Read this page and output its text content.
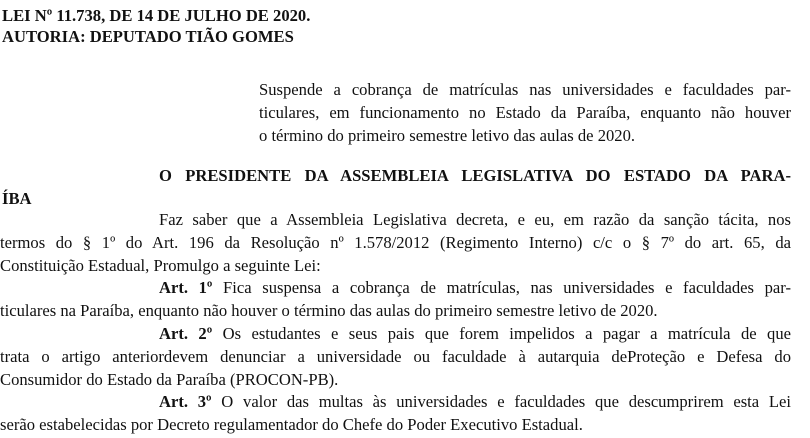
LEI Nº 11.738, DE 14 DE JULHO DE 2020.
AUTORIA: DEPUTADO TIÃO GOMES
Suspende a cobrança de matrículas nas universidades e faculdades par-
ticulares, em funcionamento no Estado da Paraíba, enquanto não houver
o término do primeiro semestre letivo das aulas de 2020.
O PRESIDENTE DA ASSEMBLEIA LEGISLATIVA DO ESTADO DA PARA-
ÍBA
Faz saber que a Assembleia Legislativa decreta, e eu, em razão da sanção tácita, nos
termos do § 1º do Art. 196 da Resolução nº 1.578/2012 (Regimento Interno) c/c o § 7º do art. 65, da
Constituição Estadual, Promulgo a seguinte Lei:
Art. 1º Fica suspensa a cobrança de matrículas, nas universidades e faculdades par-
ticulares na Paraíba, enquanto não houver o término das aulas do primeiro semestre letivo de 2020.
Art. 2º Os estudantes e seus pais que forem impelidos a pagar a matrícula de que
trata o artigo anteriordevem denunciar a universidade ou faculdade à autarquia deProteção e Defesa do
Consumidor do Estado da Paraíba (PROCON-PB).
Art. 3º O valor das multas às universidades e faculdades que descumprirem esta Lei
serão estabelecidas por Decreto regulamentador do Chefe do Poder Executivo Estadual.
